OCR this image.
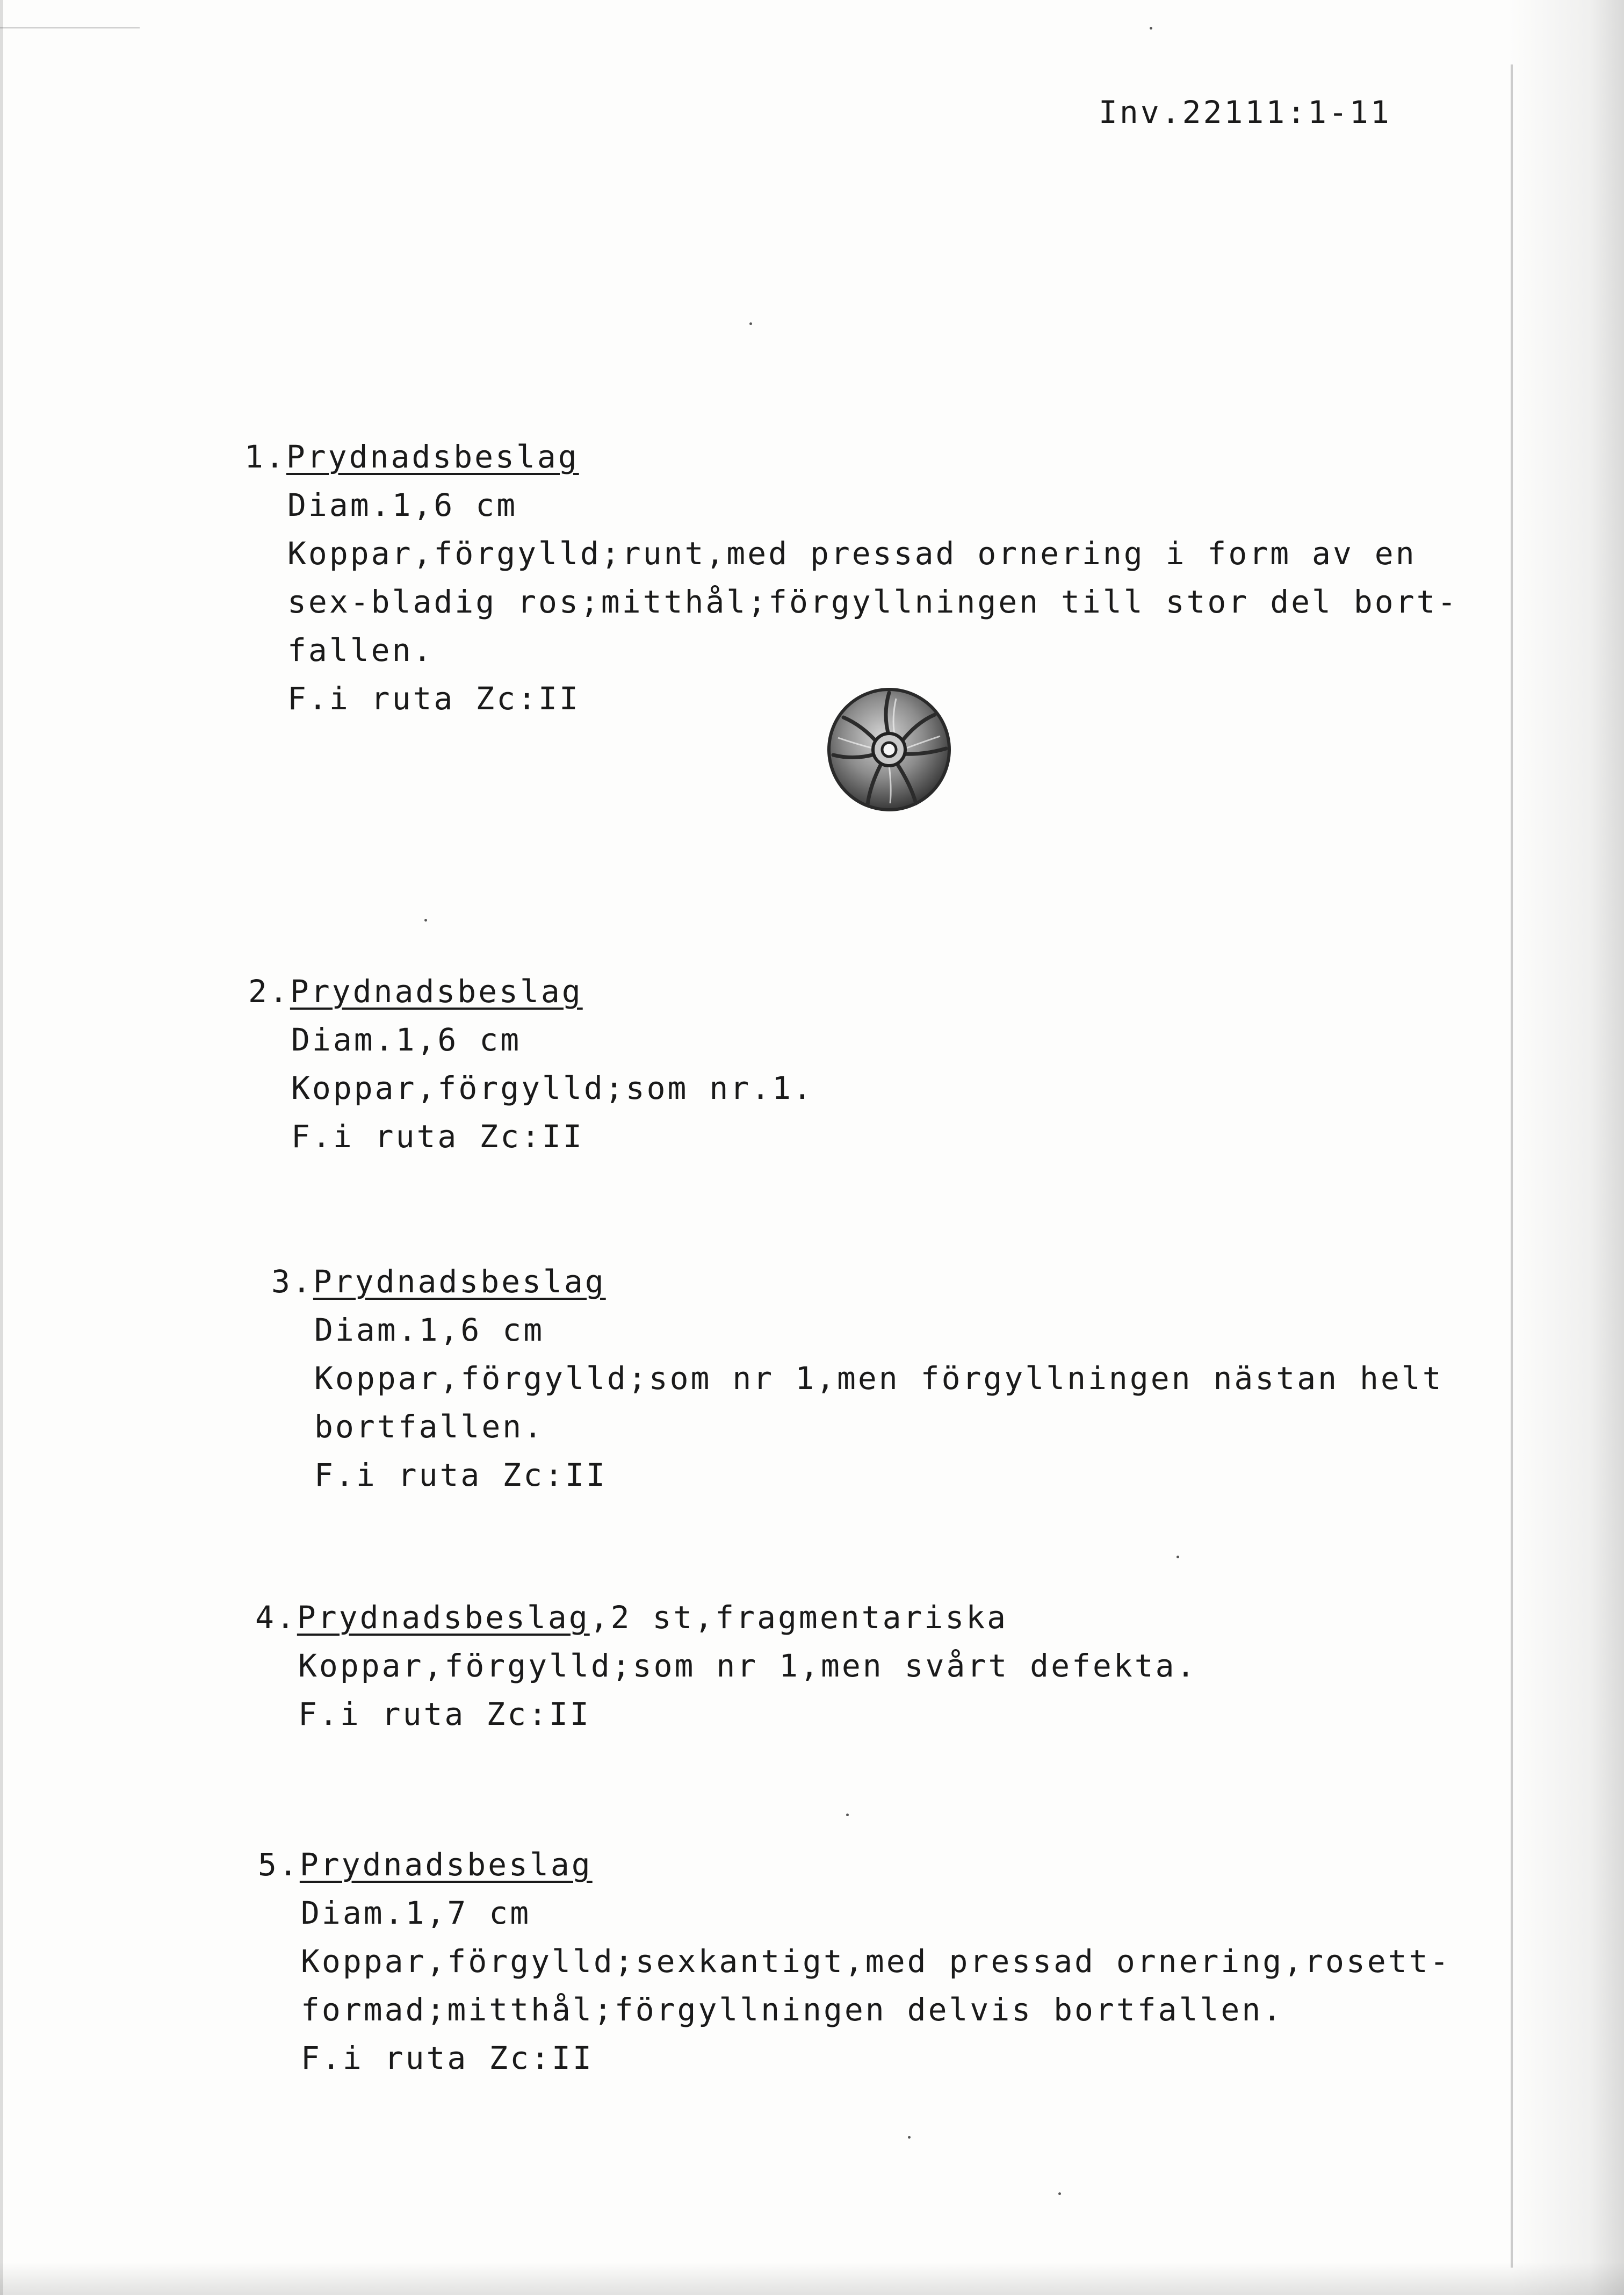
Inv.22111:1-11
1.Prydnadsbeslag
Diam.1,6 cm
Koppar,förgylld;runt,med pressad ornering i form av en
sex-bladig ros;mitthål;förgyllningen till stor del bort-
fallen.
F.i ruta Zc:II
2.Prydnadsbeslag
Diam.1,6 cm
Koppar,förgylld;som nr.1.
F.i ruta Zc:II
3.Prydnadsbeslag
Diam.1,6 cm
Koppar,förgylld;som nr 1,men förgyllningen nästan helt
bortfallen.
F.i ruta Zc:II
4.Prydnadsbeslag,2 st,fragmentariska
Koppar,förgylld;som nr 1,men svårt defekta.
F.i ruta Zc:II
5.Prydnadsbeslag
Diam.1,7 cm
Koppar,förgylld;sexkantigt,med pressad ornering,rosett-
formad;mitthål;förgyllningen delvis bortfallen.
F.i ruta Zc:II
